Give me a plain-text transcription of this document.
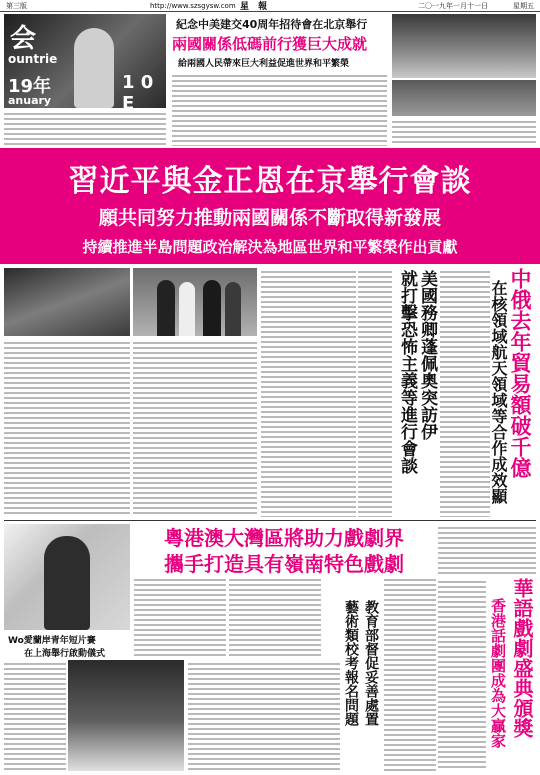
第三版	http://www.szsgysw.com 星 報	二〇一九年一月十一日	星期五
会
ountrie
19年	1 0 E
anuary
紀念中美建交40周年招待會在北京舉行
兩國關係低碼前行獲巨大成就
給兩國人民帶來巨大利益促進世界和平繁榮
習近平與金正恩在京舉行會談
願共同努力推動兩國關係不斷取得新發展
持續推進半島問題政治解決為地區世界和平繁榮作出貢獻
美國務卿蓬佩奧突訪伊
就打擊恐怖主義等進行會談	中俄去年貿易額破千億
在核領域航天領域等合作成效顯
Wo愛蘭岸青年短片賽
在上海舉行啟動儀式
粵港澳大灣區將助力戲劇界
攜手打造具有嶺南特色戲劇
教育部督促妥善處置
藝術類校考報名問題	華語戲劇盛典頒獎
香港話劇團成為大贏家
